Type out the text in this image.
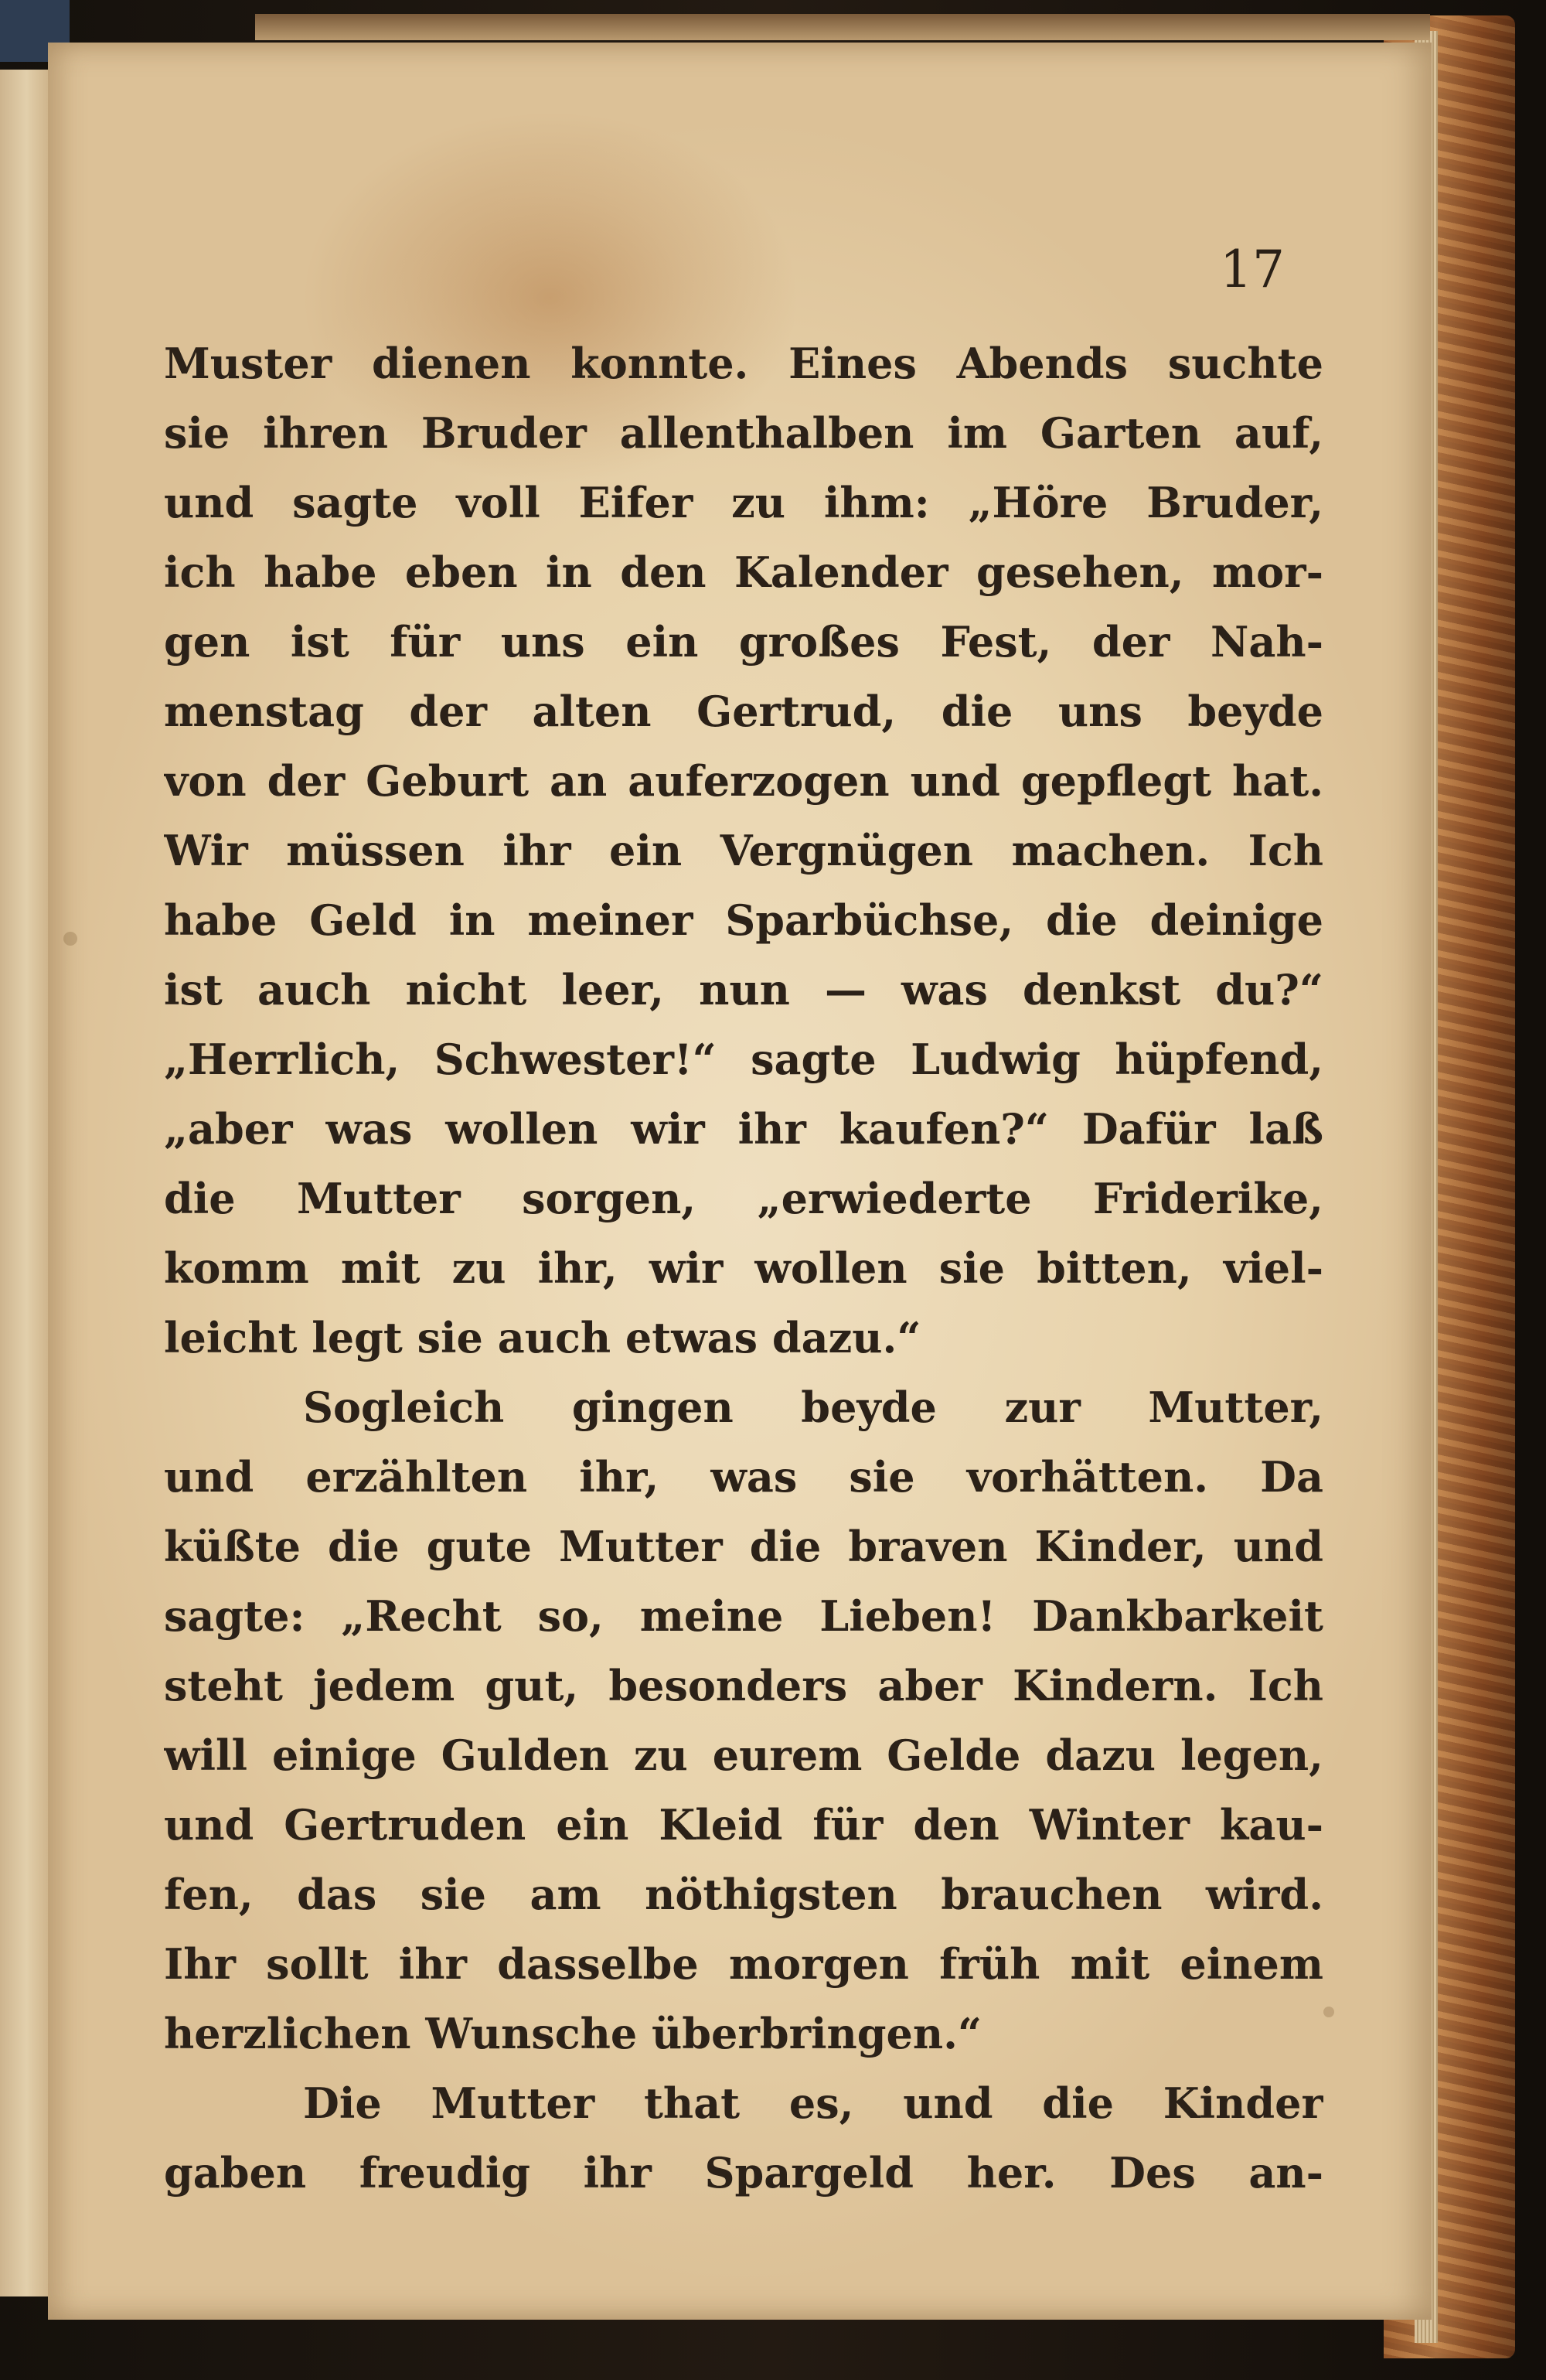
17
Muster dienen konnte. Eines Abends suchte
sie ihren Bruder allenthalben im Garten auf,
und sagte voll Eifer zu ihm: „Höre Bruder,
ich habe eben in den Kalender gesehen, mor-
gen ist für uns ein großes Fest, der Nah-
menstag der alten Gertrud, die uns beyde
von der Geburt an auferzogen und gepflegt hat.
Wir müssen ihr ein Vergnügen machen. Ich
habe Geld in meiner Sparbüchse, die deinige
ist auch nicht leer, nun — was denkst du?“
„Herrlich, Schwester!“ sagte Ludwig hüpfend,
„aber was wollen wir ihr kaufen?“ Dafür laß
die Mutter sorgen, „erwiederte Friderike,
komm mit zu ihr, wir wollen sie bitten, viel-
leicht legt sie auch etwas dazu.“
Sogleich gingen beyde zur Mutter,
und erzählten ihr, was sie vorhätten. Da
küßte die gute Mutter die braven Kinder, und
sagte: „Recht so, meine Lieben! Dankbarkeit
steht jedem gut, besonders aber Kindern. Ich
will einige Gulden zu eurem Gelde dazu legen,
und Gertruden ein Kleid für den Winter kau-
fen, das sie am nöthigsten brauchen wird.
Ihr sollt ihr dasselbe morgen früh mit einem
herzlichen Wunsche überbringen.“
Die Mutter that es, und die Kinder
gaben freudig ihr Spargeld her. Des an-
